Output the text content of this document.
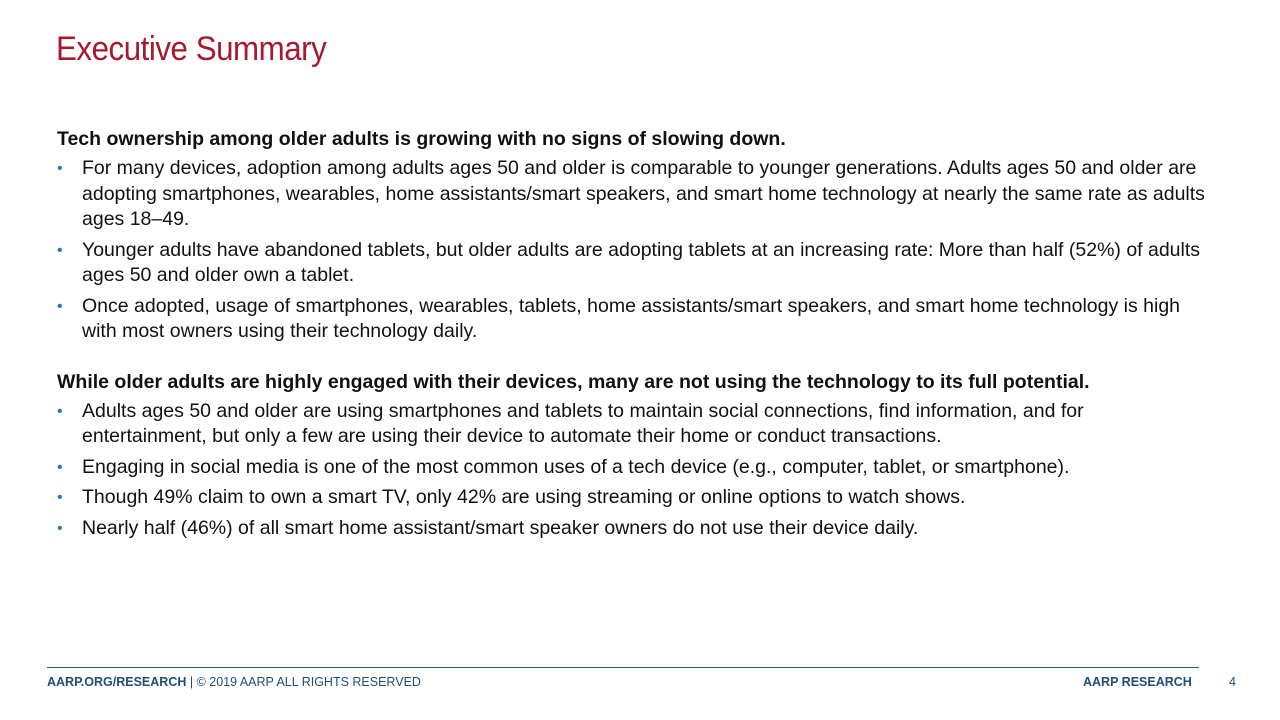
Executive Summary
Tech ownership among older adults is growing with no signs of slowing down.
• For many devices, adoption among adults ages 50 and older is comparable to younger generations. Adults ages 50 and older are adopting smartphones, wearables, home assistants/smart speakers, and smart home technology at nearly the same rate as adults ages 18–49.
• Younger adults have abandoned tablets, but older adults are adopting tablets at an increasing rate: More than half (52%) of adults ages 50 and older own a tablet.
• Once adopted, usage of smartphones, wearables, tablets, home assistants/smart speakers, and smart home technology is high with most owners using their technology daily.
While older adults are highly engaged with their devices, many are not using the technology to its full potential.
• Adults ages 50 and older are using smartphones and tablets to maintain social connections, find information, and for entertainment, but only a few are using their device to automate their home or conduct transactions.
• Engaging in social media is one of the most common uses of a tech device (e.g., computer, tablet, or smartphone).
• Though 49% claim to own a smart TV, only 42% are using streaming or online options to watch shows.
• Nearly half (46%) of all smart home assistant/smart speaker owners do not use their device daily.
AARP.ORG/RESEARCH | © 2019 AARP ALL RIGHTS RESERVED	AARP RESEARCH	4
